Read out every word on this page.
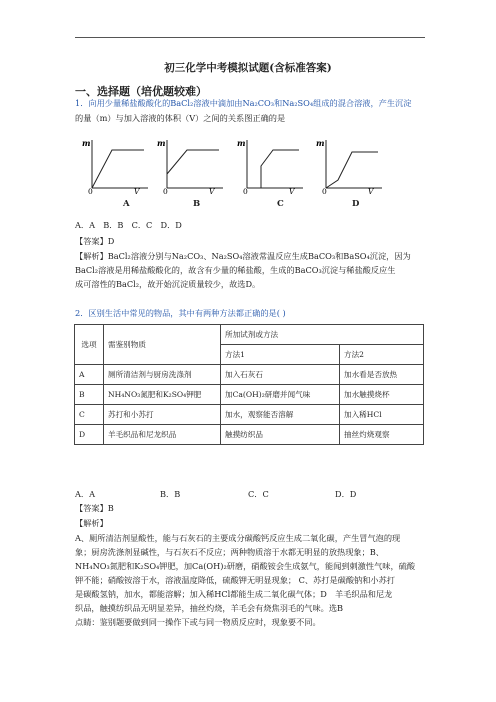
初三化学中考模拟试题(含标准答案)
一、选择题（培优题较难）
1．向用少量稀盐酸酸化的BaCl₂溶液中滴加由Na₂CO₃和Na₂SO₄组成的混合溶液，产生沉淀
的量（m）与加入溶液的体积（V）之间的关系图正确的是
m
0	V
m
0	V
m
0	V
m
0	V
A	B	C	D
A．A　B．B　C．C　D．D
【答案】D
【解析】BaCl₂溶液分别与Na₂CO₃、Na₂SO₄溶液常温反应生成BaCO₃和BaSO₄沉淀，因为
BaCl₂溶液是用稀盐酸酸化的，故含有少量的稀盐酸，生成的BaCO₃沉淀与稀盐酸反应生
成可溶性的BaCl₂，故开始沉淀质量较少，故选D。
2．区别生活中常见的物品，其中有两种方法都正确的是( )
选项	需鉴别物质	所加试剂或方法	
		方法1	方法2
A	厕所清洁剂与厨房洗涤剂	加入石灰石	加水看是否放热
B	NH₄NO₃氮肥和K₂SO₄钾肥	加Ca(OH)₂研磨并闻气味	加水触摸烧杯
C	苏打和小苏打	加水，观察能否溶解	加入稀HCl
D	羊毛织品和尼龙织品	触摸纺织品	抽丝灼烧观察
A．A	B．B	C．C	D．D
【答案】B
【解析】
A、厕所清洁剂显酸性，能与石灰石的主要成分碳酸钙反应生成二氧化碳，产生冒气泡的现
象；厨房洗涤剂显碱性，与石灰石不反应；两种物质溶于水都无明显的放热现象；B、
NH₄NO₃氮肥和K₂SO₄钾肥，加Ca(OH)₂研磨，硝酸铵会生成氨气，能闻到刺激性气味，硫酸
钾不能；硝酸铵溶于水，溶液温度降低，硫酸钾无明显现象； C、苏打是碳酸钠和小苏打
是碳酸氢钠，加水，都能溶解；加入稀HCl都能生成二氧化碳气体；D　羊毛织品和尼龙
织品，触摸纺织品无明显差异，抽丝灼烧，羊毛会有烧焦羽毛的气味。选B
点睛：鉴别题要做到同一操作下或与同一物质反应时，现象要不同。
